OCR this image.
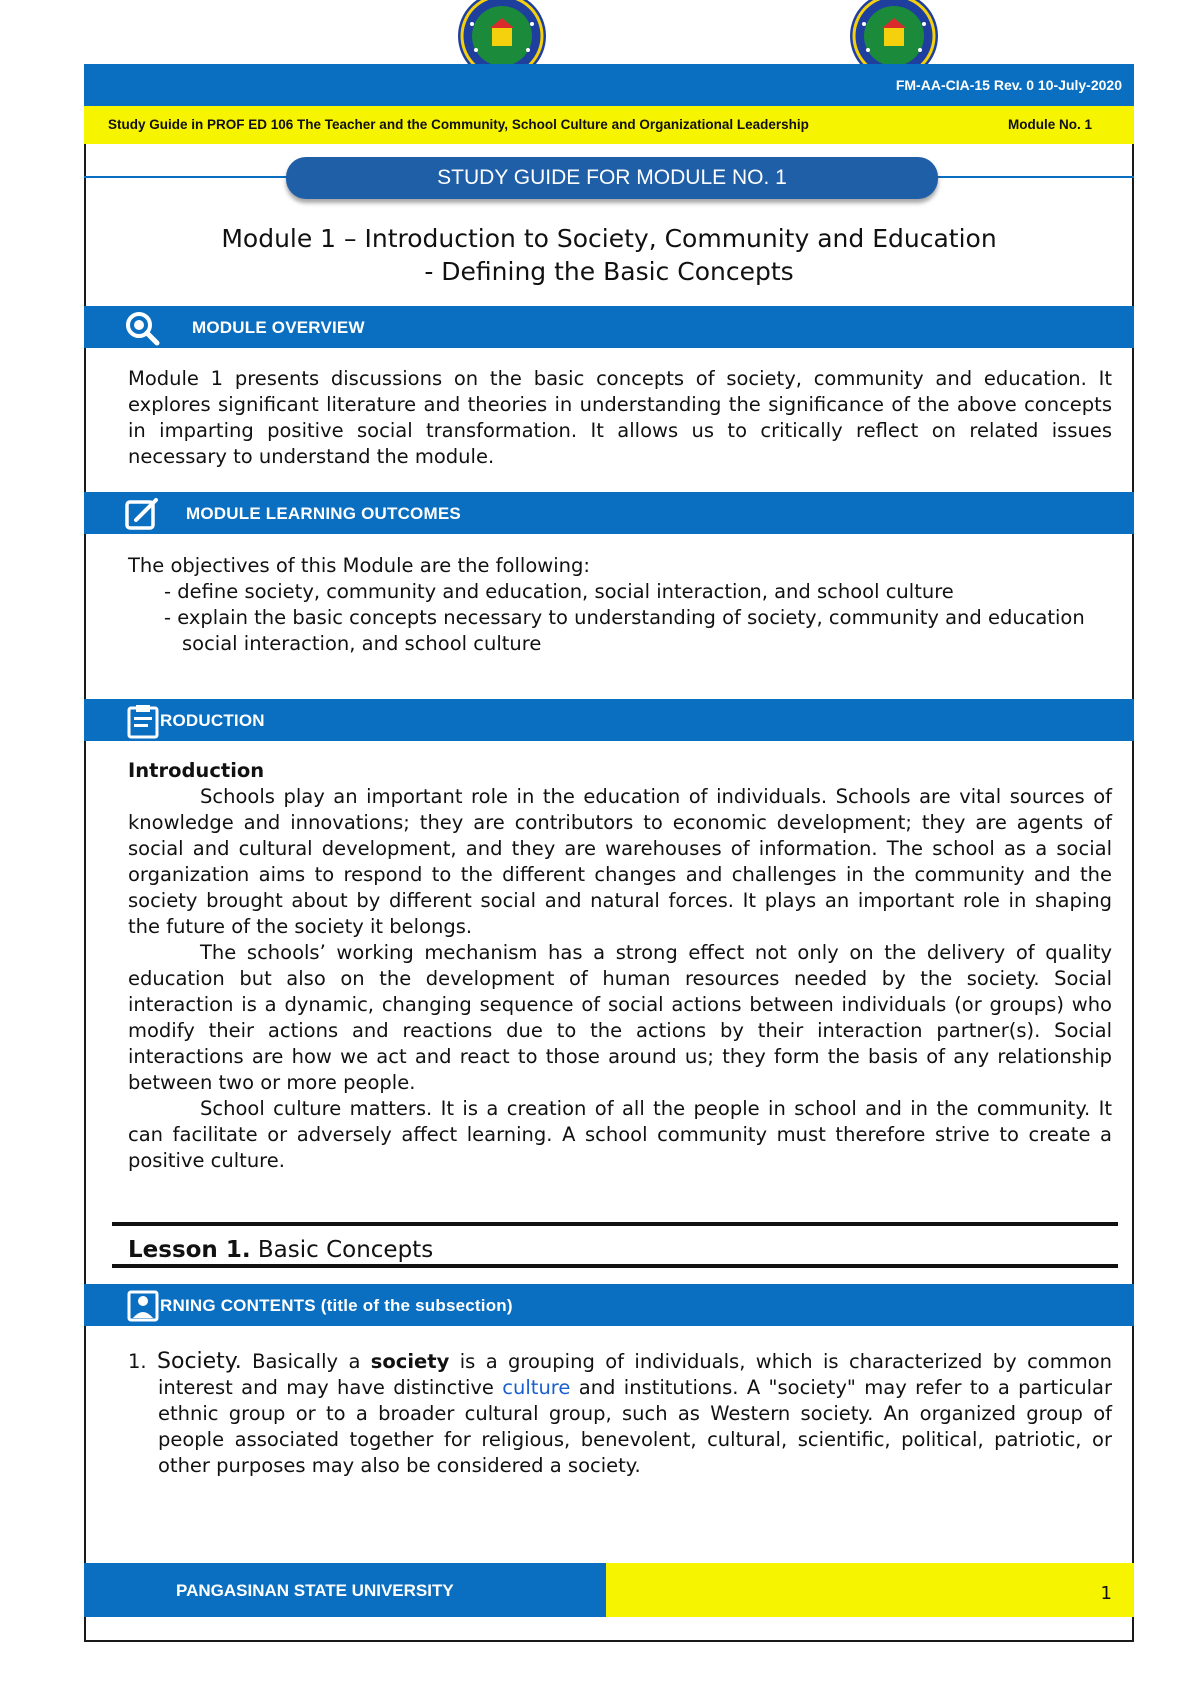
FM-AA-CIA-15 Rev. 0 10-July-2020
Study Guide in PROF ED 106 The Teacher and the Community, School Culture and Organizational Leadership	Module No. 1
STUDY GUIDE FOR MODULE NO. 1
Module 1 – Introduction to Society, Community and Education
- Defining the Basic Concepts
MODULE OVERVIEW

Module 1 presents discussions on the basic concepts of society, community and education. It explores significant literature and theories in understanding the significance of the above concepts in imparting positive social transformation. It allows us to critically reflect on related issues necessary to understand the module.

MODULE LEARNING OUTCOMES
The objectives of this Module are the following:
- define society, community and education, social interaction, and school culture
- explain the basic concepts necessary to understanding of society, community and education
social interaction, and school culture
RODUCTION

Introduction

Schools play an important role in the education of individuals. Schools are vital sources of knowledge and innovations; they are contributors to economic development; they are agents of social and cultural development, and they are warehouses of information. The school as a social organization aims to respond to the different changes and challenges in the community and the society brought about by different social and natural forces. It plays an important role in shaping the future of the society it belongs.

The schools’ working mechanism has a strong effect not only on the delivery of quality education but also on the development of human resources needed by the society. Social interaction is a dynamic, changing sequence of social actions between individuals (or groups) who modify their actions and reactions due to the actions by their interaction partner(s). Social interactions are how we act and react to those around us; they form the basis of any relationship between two or more people.

School culture matters. It is a creation of all the people in school and in the community. It can facilitate or adversely affect learning. A school community must therefore strive to create a positive culture.

Lesson 1. Basic Concepts
RNING CONTENTS (title of the subsection)
1. Society. Basically a society is a grouping of individuals, which is characterized by common interest and may have distinctive culture and institutions. A "society" may refer to a particular ethnic group or to a broader cultural group, such as Western society. An organized group of people associated together for religious, benevolent, cultural, scientific, political, patriotic, or other purposes may also be considered a society.
PANGASINAN STATE UNIVERSITY	1
